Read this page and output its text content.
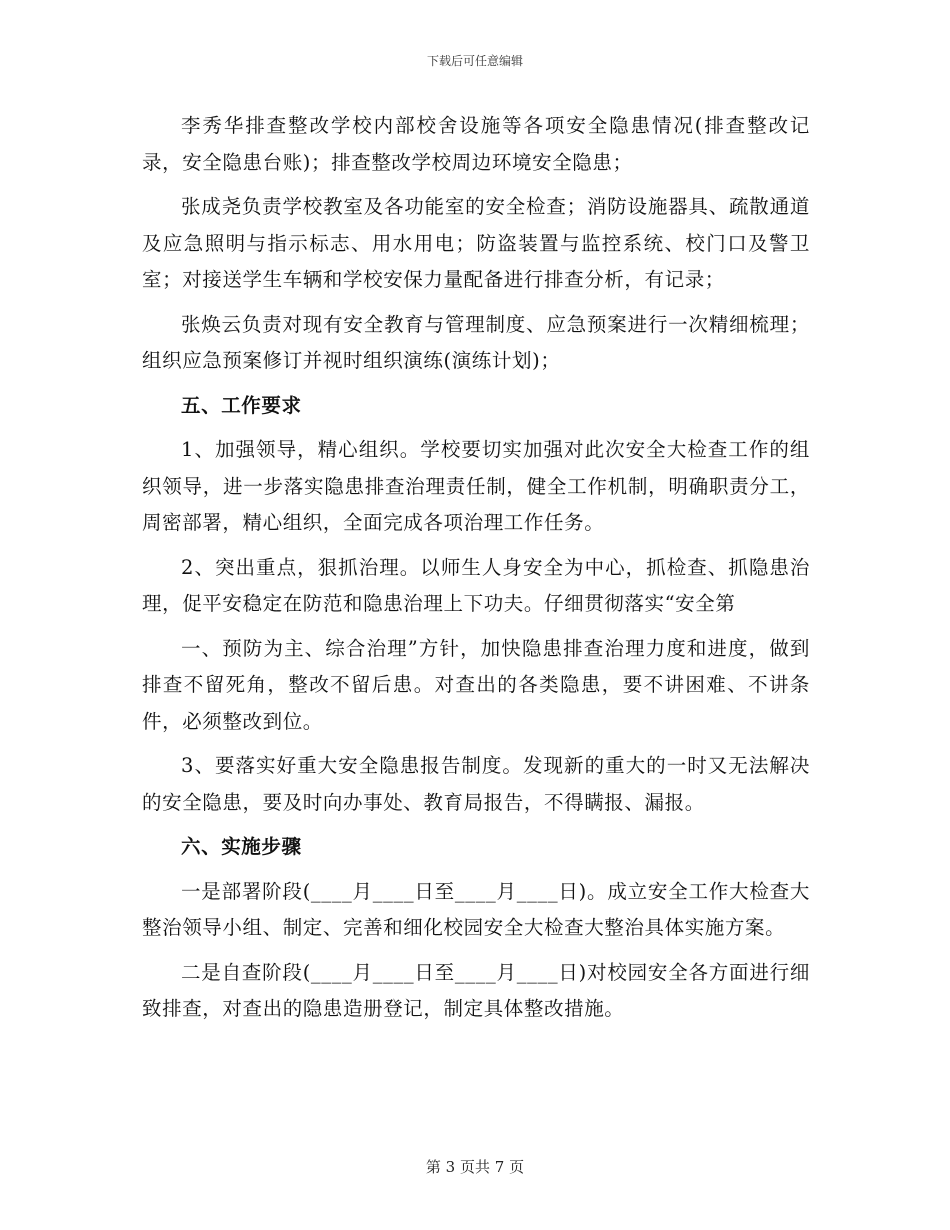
下载后可任意编辑

李秀华排查整改学校内部校舍设施等各项安全隐患情况(排查整改记录，安全隐患台账)；排查整改学校周边环境安全隐患；

张成尧负责学校教室及各功能室的安全检查；消防设施器具、疏散通道及应急照明与指示标志、用水用电；防盗装置与监控系统、校门口及警卫室；对接送学生车辆和学校安保力量配备进行排查分析，有记录；

张焕云负责对现有安全教育与管理制度、应急预案进行一次精细梳理；组织应急预案修订并视时组织演练(演练计划)；

五、工作要求

1、加强领导，精心组织。学校要切实加强对此次安全大检查工作的组织领导，进一步落实隐患排查治理责任制，健全工作机制，明确职责分工，周密部署，精心组织，全面完成各项治理工作任务。

2、突出重点，狠抓治理。以师生人身安全为中心，抓检查、抓隐患治理，促平安稳定在防范和隐患治理上下功夫。仔细贯彻落实“安全第

一、预防为主、综合治理”方针，加快隐患排查治理力度和进度，做到排查不留死角，整改不留后患。对查出的各类隐患，要不讲困难、不讲条件，必须整改到位。

3、要落实好重大安全隐患报告制度。发现新的重大的一时又无法解决的安全隐患，要及时向办事处、教育局报告，不得瞒报、漏报。

六、实施步骤

一是部署阶段(____月____日至____月____日)。成立安全工作大检查大整治领导小组、制定、完善和细化校园安全大检查大整治具体实施方案。

二是自查阶段(____月____日至____月____日)对校园安全各方面进行细致排查，对查出的隐患造册登记，制定具体整改措施。

第 3 页共 7 页
